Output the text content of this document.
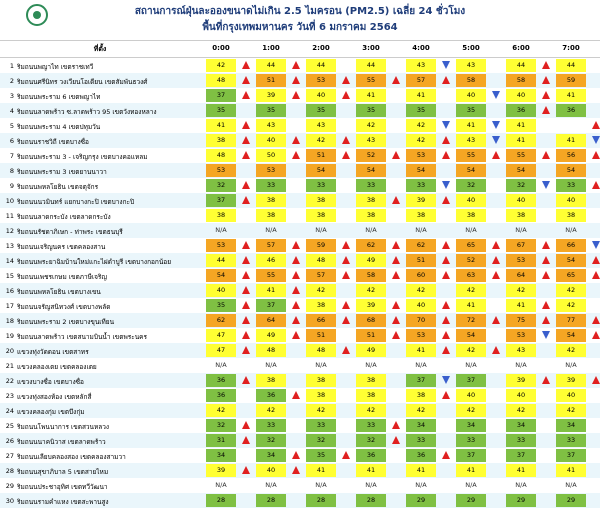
สถานการณ์ฝุ่นละอองขนาดไม่เกิน 2.5 ไมครอน (PM2.5) เฉลี่ย 24 ชั่วโมง
พื้นที่กรุงเทพมหานคร วันที่ 6 มกราคม 2564
ที่ตั้ง	0:00	1:00	2:00	3:00	4:00	5:00	6:00	7:00
1 ริมถนนพญาไท เขตราชเทวี	42	44	44	44	43	43	44	44
2 ริมถนนศรีนิทร วงเวียนโอเดียน เขตสัมพันธวงศ์	48	51	53	55	57	58	58	59
3 ริมถนนพระราม 6 เขตพญาไท	37	39	40	41	41	40	40	41
4 ริมถนนลาดพร้าว ซ.ลาดพร้าว 95 เขตวังทองหลาง	35	35	35	35	35	35	36	36
5 ริมถนนพระราม 4 เขตปทุมวัน	41	43	43	42	42	41	41
6 ริมถนนราชวิถี เขตบางซื่อ	38	40	42	43	42	43	41	41
7 ริมถนนพระราม 3 - เจริญกรุง เขตบางคอแหลม	48	50	51	52	53	55	55	56
8 ริมถนนพระราม 3 เขตยานนาวา	53	53	54	54	54	54	54	54
9 ริมถนนพหลโยธิน เขตจตุจักร	32	33	33	33	33	32	32	33
10 ริมถนนนวมินทร์ แยกบางกะปิ เขตบางกะปิ	37	38	38	38	39	40	40	40
11 ริมถนนลาดกระบัง เขตลาดกระบัง	38	38	38	38	38	38	38	38
12 ริมถนนรัชดาภิเษก - ท่าพระ เขตธนบุรี	N/A	N/A	N/A	N/A	N/A	N/A	N/A	N/A
13 ริมถนนเจริญนคร เขตคลองสาน	53	57	59	62	62	65	67	66
14 ริมถนนพระยาฉิมบ้านใหม่แกะไผ่ดำบูรี เขตบางกอกน้อย	44	46	48	49	51	52	53	54
15 ริมถนนเพชรเกษม เขตภาษีเจริญ	54	55	57	58	60	63	64	65
16 ริมถนนพหลโยธิน เขตบางเขน	40	41	42	42	42	42	42	42
17 ริมถนนจรัญสนิทวงศ์ เขตบางพลัด	35	37	38	39	40	41	41	42
18 ริมถนนพระราม 2 เขตบางขุนเทียน	62	64	66	68	70	72	75	77
19 ริมถนนลาดพร้าว เขตสนามบินน้ำ เขตพระนคร	47	49	51	51	53	54	53	54
20 แขวงทุ่งวัดดอน เขตสาทร	47	48	48	49	41	42	43	42
21 แขวงคลองเตย เขตคลองเตย	N/A	N/A	N/A	N/A	N/A	N/A	N/A	N/A
22 แขวงบางซื่อ เขตบางซื่อ	36	38	38	38	37	37	39	39
23 แขวงทุ่งสองห้อง เขตหลักสี่	36	36	38	38	38	40	40	40
24 แขวงคลองกุ่ม เขตบึงกุ่ม	42	42	42	42	42	42	42	42
25 ริมถนนโพนนาการ เขตสวนหลวง	32	33	33	33	34	34	34	34
26 ริมถนนนาคนิวาส เขตลาดพร้าว	31	32	32	32	33	33	33	33
27 ริมถนนเลียบคลองสอง เขตคลองสามวา	34	34	35	36	36	37	37	37
28 ริมถนนสุขาภิบาล 5 เขตสายไหม	39	40	41	41	41	41	41	41
29 ริมถนนประชาอุทิศ เขตทวีวัฒนา	N/A	N/A	N/A	N/A	N/A	N/A	N/A	N/A
30 ริมถนนรามคำแหง เขตสะพานสูง	28	28	28	28	29	29	29	29
